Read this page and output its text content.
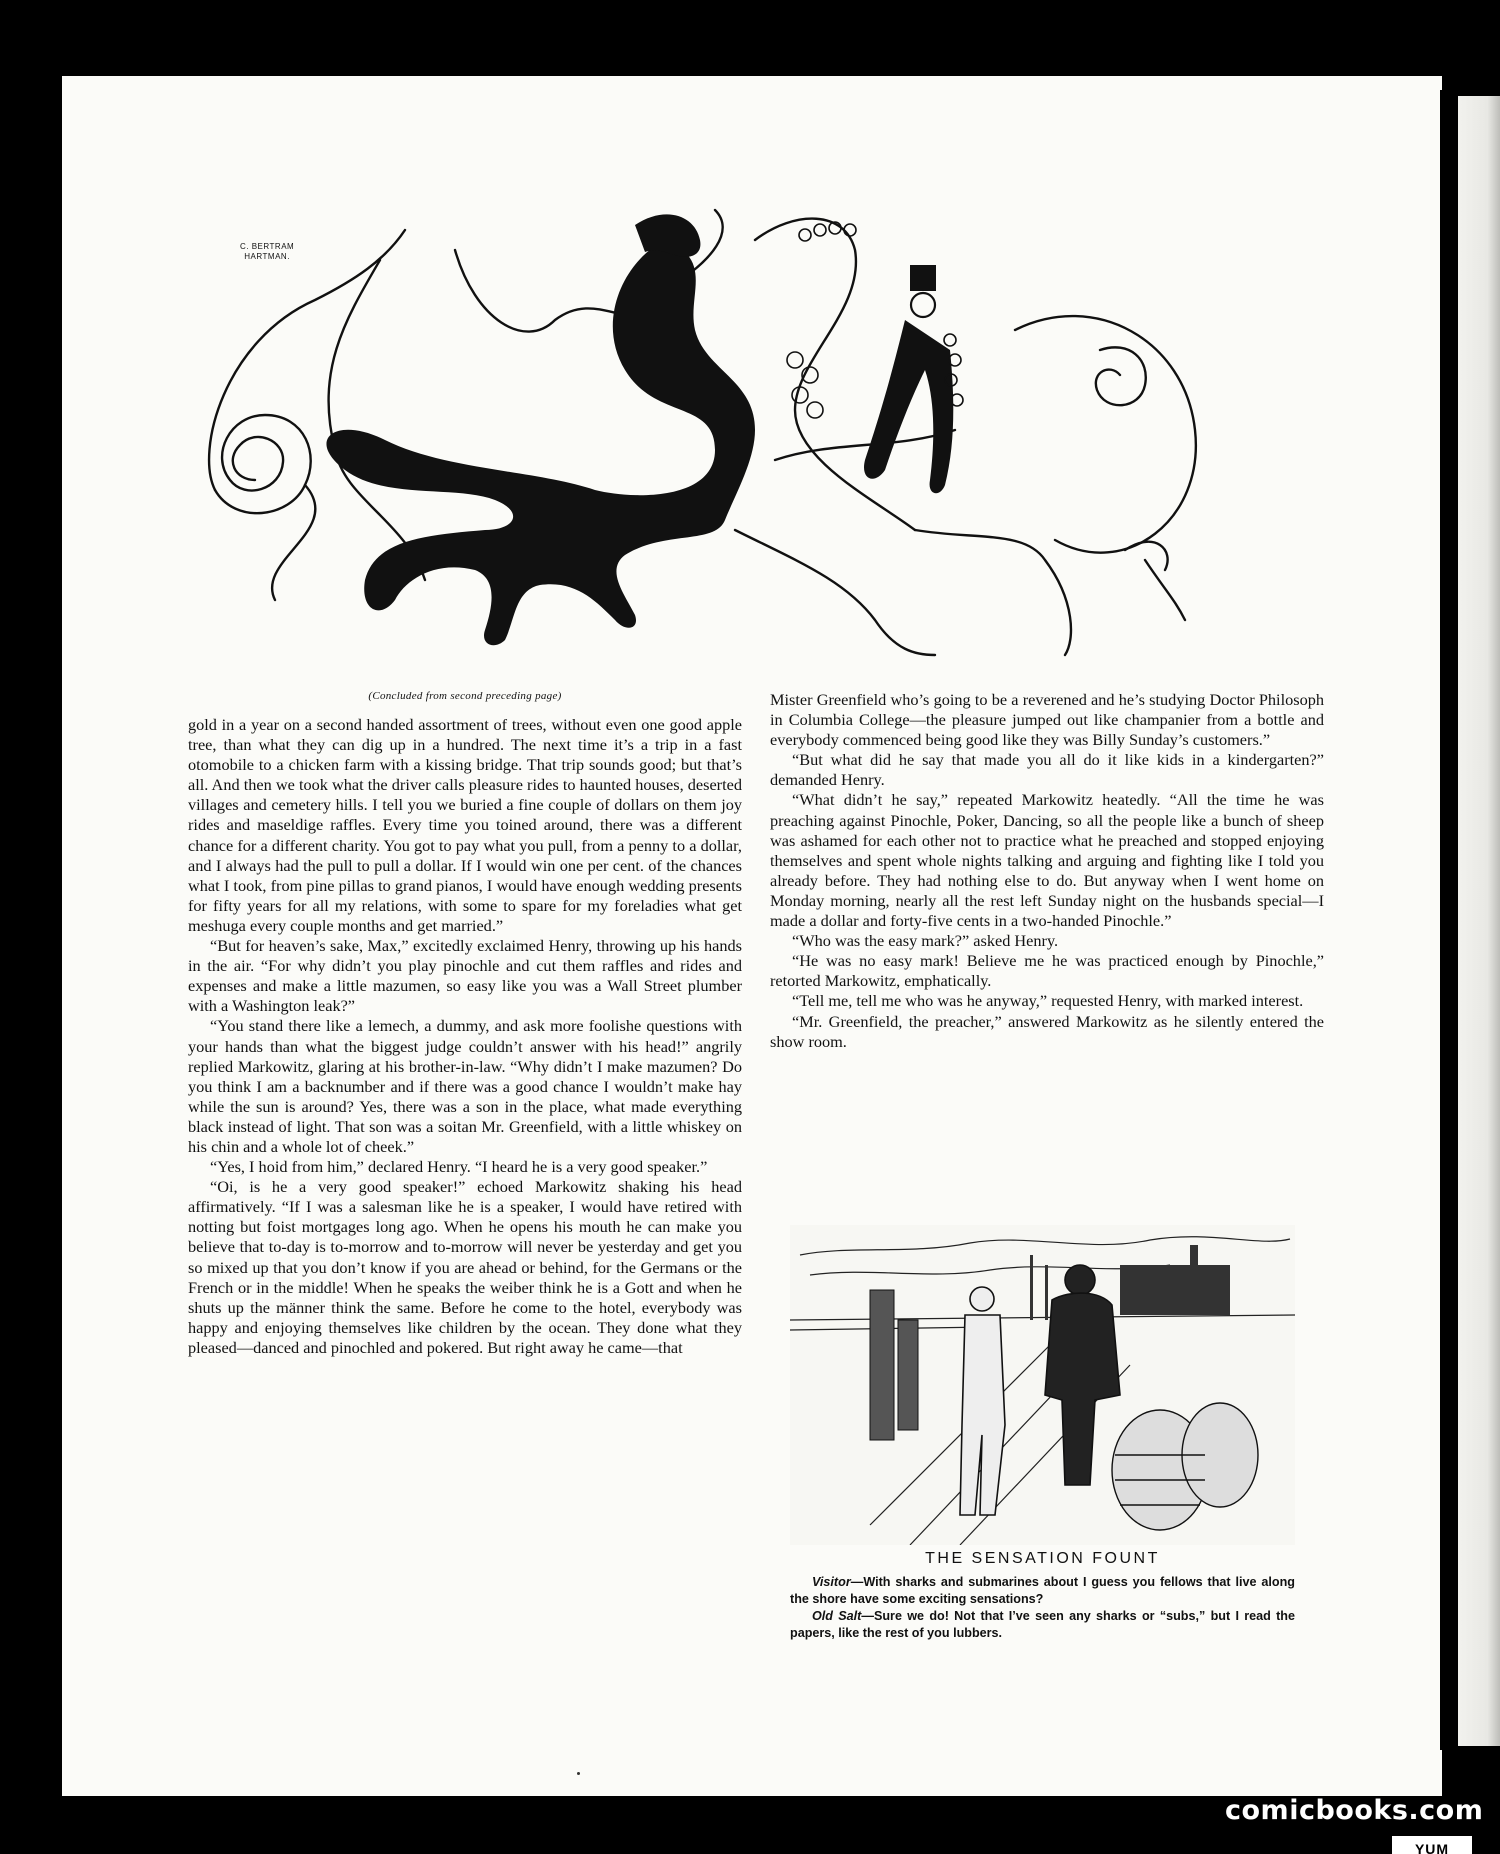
C. BERTRAM
HARTMAN.
(Concluded from second preceding page)

gold in a year on a second handed assortment of trees, without even one good apple tree, than what they can dig up in a hundred. The next time it’s a trip in a fast otomobile to a chicken farm with a kissing bridge. That trip sounds good; but that’s all. And then we took what the driver calls pleasure rides to haunted houses, deserted villages and cemetery hills. I tell you we buried a fine couple of dollars on them joy rides and maseldige raffles. Every time you toined around, there was a different chance for a different charity. You got to pay what you pull, from a penny to a dollar, and I always had the pull to pull a dollar. If I would win one per cent. of the chances what I took, from pine pillas to grand pianos, I would have enough wedding presents for fifty years for all my relations, with some to spare for my foreladies what get meshuga every couple months and get married.”

“But for heaven’s sake, Max,” excitedly exclaimed Henry, throwing up his hands in the air. “For why didn’t you play pinochle and cut them raffles and rides and expenses and make a little mazumen, so easy like you was a Wall Street plumber with a Washington leak?”

“You stand there like a lemech, a dummy, and ask more foolishe questions with your hands than what the biggest judge couldn’t answer with his head!” angrily replied Markowitz, glaring at his brother-in-law. “Why didn’t I make mazumen? Do you think I am a backnumber and if there was a good chance I wouldn’t make hay while the sun is around? Yes, there was a son in the place, what made everything black instead of light. That son was a soitan Mr. Greenfield, with a little whiskey on his chin and a whole lot of cheek.”

“Yes, I hoid from him,” declared Henry. “I heard he is a very good speaker.”

“Oi, is he a very good speaker!” echoed Markowitz shaking his head affirmatively. “If I was a salesman like he is a speaker, I would have retired with notting but foist mortgages long ago. When he opens his mouth he can make you believe that to-day is to-morrow and to-morrow will never be yesterday and get you so mixed up that you don’t know if you are ahead or behind, for the Germans or the French or in the middle! When he speaks the weiber think he is a Gott and when he shuts up the männer think the same. Before he come to the hotel, everybody was happy and enjoying themselves like children by the ocean. They done what they pleased—danced and pinochled and pokered. But right away he came—that

Mister Greenfield who’s going to be a reverened and he’s studying Doctor Philosoph in Columbia College—the pleasure jumped out like champanier from a bottle and everybody commenced being good like they was Billy Sunday’s customers.”

“But what did he say that made you all do it like kids in a kindergarten?” demanded Henry.

“What didn’t he say,” repeated Markowitz heatedly. “All the time he was preaching against Pinochle, Poker, Dancing, so all the people like a bunch of sheep was ashamed for each other not to practice what he preached and stopped enjoying themselves and spent whole nights talking and arguing and fighting like I told you already before. They had nothing else to do. But anyway when I went home on Monday morning, nearly all the rest left Sunday night on the husbands special—I made a dollar and forty-five cents in a two-handed Pinochle.”

“Who was the easy mark?” asked Henry.

“He was no easy mark! Believe me he was practiced enough by Pinochle,” retorted Markowitz, emphatically.

“Tell me, tell me who was he anyway,” requested Henry, with marked interest.

“Mr. Greenfield, the preacher,” answered Markowitz as he silently entered the show room.

THE SENSATION FOUNT

Visitor—With sharks and submarines about I guess you fellows that live along the shore have some exciting sensations?

Old Salt—Sure we do! Not that I’ve seen any sharks or “subs,” but I read the papers, like the rest of you lubbers.

comicbooks.com
YUM
